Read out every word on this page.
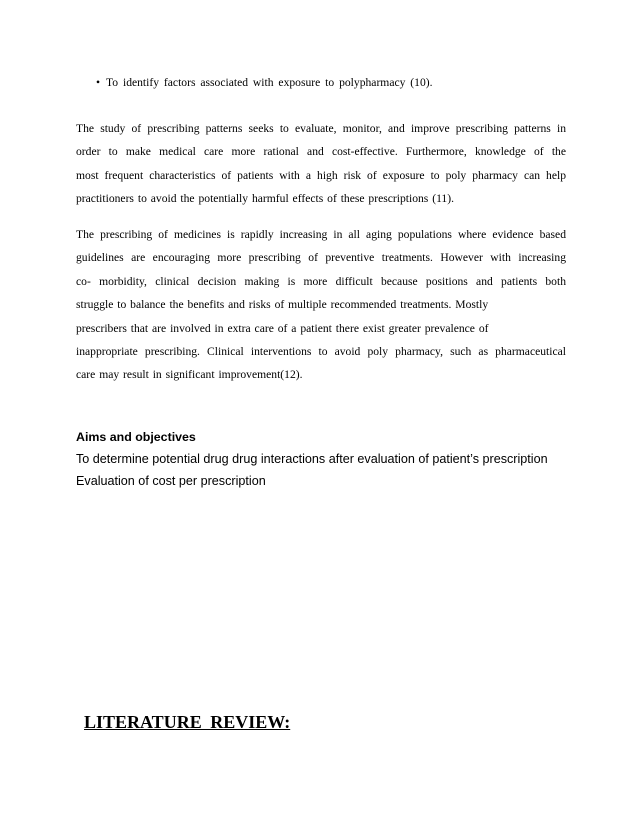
• To identify factors associated with exposure to polypharmacy (10).
The study of prescribing patterns seeks to evaluate, monitor, and improve prescribing patterns in
order to make medical care more rational and cost-effective. Furthermore, knowledge of the
most frequent characteristics of patients with a high risk of exposure to poly pharmacy can help
practitioners to avoid the potentially harmful effects of these prescriptions (11).
The prescribing of medicines is rapidly increasing in all aging populations where evidence based
guidelines are encouraging more prescribing of preventive treatments. However with increasing
co- morbidity, clinical decision making is more difficult because positions and patients both
struggle to balance the benefits and risks of multiple recommended treatments. Mostly
prescribers that are involved in extra care of a patient there exist greater prevalence of
inappropriate prescribing. Clinical interventions to avoid poly pharmacy, such as pharmaceutical
care may result in significant improvement(12).
Aims and objectives
To determine potential drug drug interactions after evaluation of patient’s prescription
Evaluation of cost per prescription
LITERATURE REVIEW:
